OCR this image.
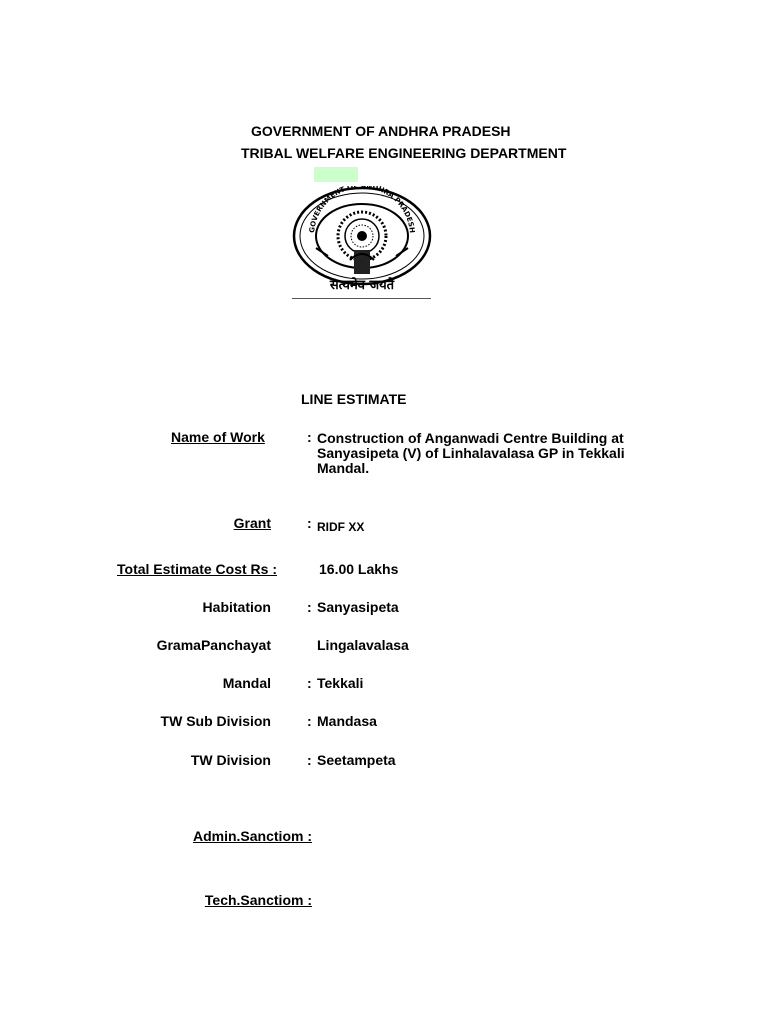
GOVERNMENT OF ANDHRA PRADESH
TRIBAL WELFARE ENGINEERING DEPARTMENT
GOVERNMENT OF ANDHRA PRADESH
सत्यमेव जयते
LINE ESTIMATE
Name of Work	: Construction of Anganwadi Centre Building at Sanyasipeta (V) of Linhalavalasa GP in Tekkali Mandal.
Grant	: RIDF XX
Total Estimate Cost Rs :	16.00 Lakhs
Habitation	: Sanyasipeta
GramaPanchayat	Lingalavalasa
Mandal	: Tekkali
TW Sub Division	: Mandasa
TW Division	: Seetampeta
Admin.Sanctiom :
Tech.Sanctiom :
